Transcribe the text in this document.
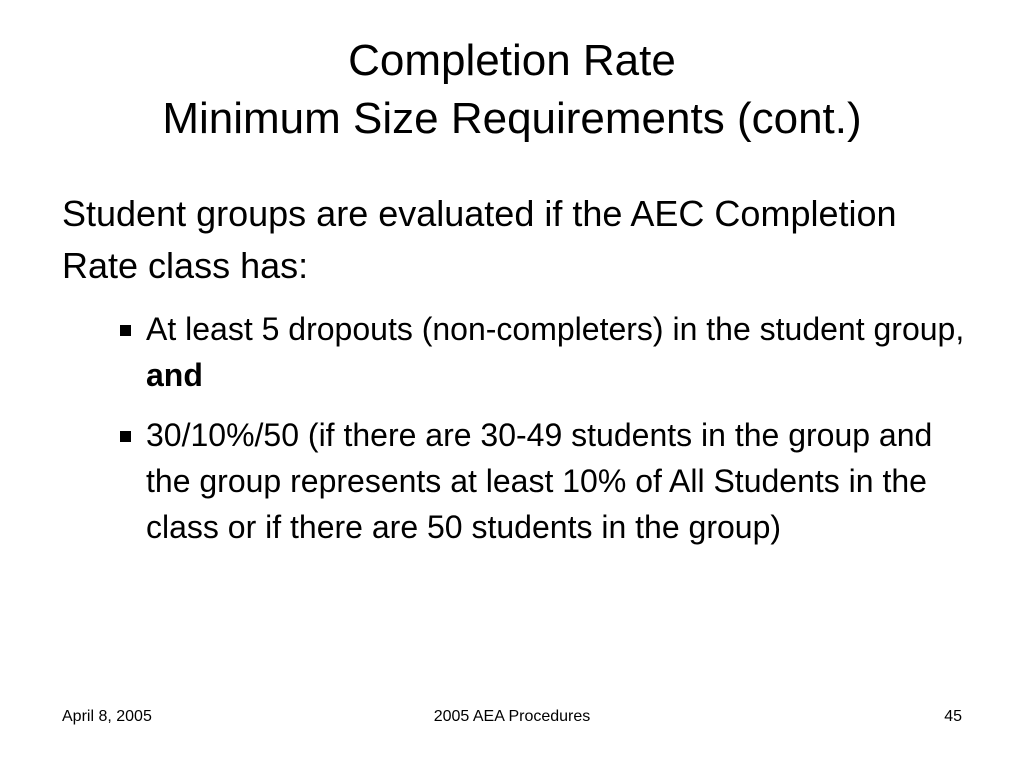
Completion Rate
Minimum Size Requirements (cont.)

Student groups are evaluated if the AEC Completion Rate class has:

At least 5 dropouts (non-completers) in the student group, and
30/10%/50 (if there are 30-49 students in the group and the group represents at least 10% of All Students in the class or if there are 50 students in the group)
April 8, 2005	2005 AEA Procedures	45
